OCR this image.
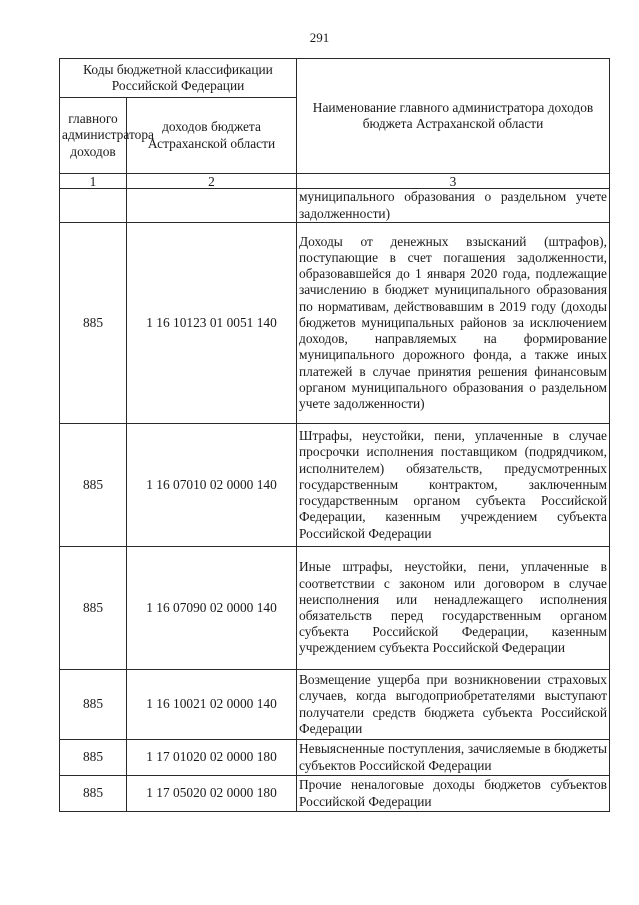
291
Коды бюджетной классификации Российской Федерации		Наименование главного администратора доходов бюджета Астраханской области
главного администратора доходов	доходов бюджета Астраханской области	
1	2	3
		муниципального образования о раздельном учете задолженности)
885	1 16 10123 01 0051 140	Доходы от денежных взысканий (штрафов), поступающие в счет погашения задолженности, образовавшейся до 1 января 2020 года, подлежащие зачислению в бюджет муниципального образования по нормативам, действовавшим в 2019 году (доходы бюджетов муниципальных районов за исключением доходов, направляемых на формирование муниципального дорожного фонда, а также иных платежей в случае принятия решения финансовым органом муниципального образования о раздельном учете задолженности)
885	1 16 07010 02 0000 140	Штрафы, неустойки, пени, уплаченные в случае просрочки исполнения поставщиком (подрядчиком, исполнителем) обязательств, предусмотренных государственным контрактом, заключенным государственным органом субъекта Российской Федерации, казенным учреждением субъекта Российской Федерации
885	1 16 07090 02 0000 140	Иные штрафы, неустойки, пени, уплаченные в соответствии с законом или договором в случае неисполнения или ненадлежащего исполнения обязательств перед государственным органом субъекта Российской Федерации, казенным учреждением субъекта Российской Федерации
885	1 16 10021 02 0000 140	Возмещение ущерба при возникновении страховых случаев, когда выгодоприобретателями выступают получатели средств бюджета субъекта Российской Федерации
885	1 17 01020 02 0000 180	Невыясненные поступления, зачисляемые в бюджеты субъектов Российской Федерации
885	1 17 05020 02 0000 180	Прочие неналоговые доходы бюджетов субъектов Российской Федерации
